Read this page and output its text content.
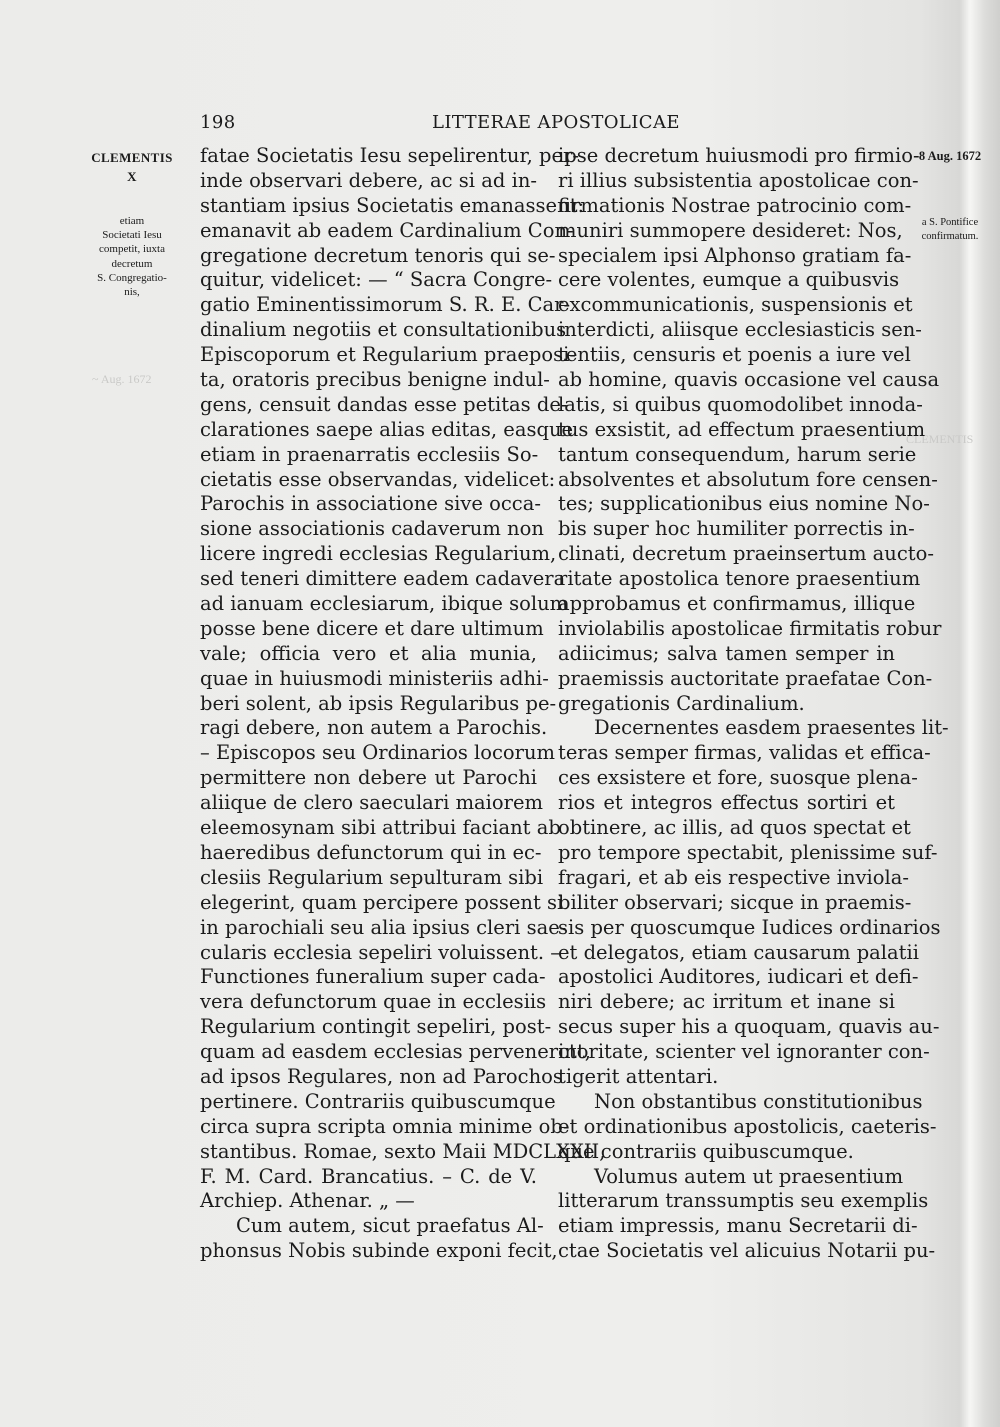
~ Aug. 1672
CLEMENTIS
198	LITTERAE APOSTOLICAE
CLEMENTIS
X
etiam
Societati Iesu
competit, iuxta
decretum
S. Congregatio-
nis,
8 Aug. 1672
a S. Pontifice
confirmatum.
fatae Societatis Iesu sepelirentur, per-
inde observari debere, ac si ad in-
stantiam ipsius Societatis emanassent:
emanavit ab eadem Cardinalium Con-
gregatione decretum tenoris qui se-
quitur, videlicet: — “ Sacra Congre-
gatio Eminentissimorum S. R. E. Car-
dinalium negotiis et consultationibus
Episcoporum et Regularium praeposi-
ta, oratoris precibus benigne indul-
gens, censuit dandas esse petitas de-
clarationes saepe alias editas, easque
etiam in praenarratis ecclesiis So-
cietatis esse observandas, videlicet:
Parochis in associatione sive occa-
sione associationis cadaverum non
licere ingredi ecclesias Regularium,
sed teneri dimittere eadem cadavera
ad ianuam ecclesiarum, ibique solum
posse bene dicere et dare ultimum
vale; officia vero et alia munia,
quae in huiusmodi ministeriis adhi-
beri solent, ab ipsis Regularibus pe-
ragi debere, non autem a Parochis.
– Episcopos seu Ordinarios locorum
permittere non debere ut Parochi
aliique de clero saeculari maiorem
eleemosynam sibi attribui faciant ab
haeredibus defunctorum qui in ec-
clesiis Regularium sepulturam sibi
elegerint, quam percipere possent si
in parochiali seu alia ipsius cleri sae-
cularis ecclesia sepeliri voluissent. –
Functiones funeralium super cada-
vera defunctorum quae in ecclesiis
Regularium contingit sepeliri, post-
quam ad easdem ecclesias pervenerint,
ad ipsos Regulares, non ad Parochos
pertinere. Contrariis quibuscumque
circa supra scripta omnia minime ob-
stantibus. Romae, sexto Maii MDCLXXII,
F. M. Card. Brancatius. – C. de V.
Archiep. Athenar. „ —
Cum autem, sicut praefatus Al-
phonsus Nobis subinde exponi fecit,
ipse decretum huiusmodi pro firmio-
ri illius subsistentia apostolicae con-
firmationis Nostrae patrocinio com-
muniri summopere desideret: Nos,
specialem ipsi Alphonso gratiam fa-
cere volentes, eumque a quibusvis
excommunicationis, suspensionis et
interdicti, aliisque ecclesiasticis sen-
tentiis, censuris et poenis a iure vel
ab homine, quavis occasione vel causa
latis, si quibus quomodolibet innoda-
tus exsistit, ad effectum praesentium
tantum consequendum, harum serie
absolventes et absolutum fore censen-
tes; supplicationibus eius nomine No-
bis super hoc humiliter porrectis in-
clinati, decretum praeinsertum aucto-
ritate apostolica tenore praesentium
approbamus et confirmamus, illique
inviolabilis apostolicae firmitatis robur
adiicimus; salva tamen semper in
praemissis auctoritate praefatae Con-
gregationis Cardinalium.
Decernentes easdem praesentes lit-
teras semper firmas, validas et effica-
ces exsistere et fore, suosque plena-
rios et integros effectus sortiri et
obtinere, ac illis, ad quos spectat et
pro tempore spectabit, plenissime suf-
fragari, et ab eis respective inviola-
biliter observari; sicque in praemis-
sis per quoscumque Iudices ordinarios
et delegatos, etiam causarum palatii
apostolici Auditores, iudicari et defi-
niri debere; ac irritum et inane si
secus super his a quoquam, quavis au-
ctoritate, scienter vel ignoranter con-
tigerit attentari.
Non obstantibus constitutionibus
et ordinationibus apostolicis, caeteris-
que contrariis quibuscumque.
Volumus autem ut praesentium
litterarum transsumptis seu exemplis
etiam impressis, manu Secretarii di-
ctae Societatis vel alicuius Notarii pu-
